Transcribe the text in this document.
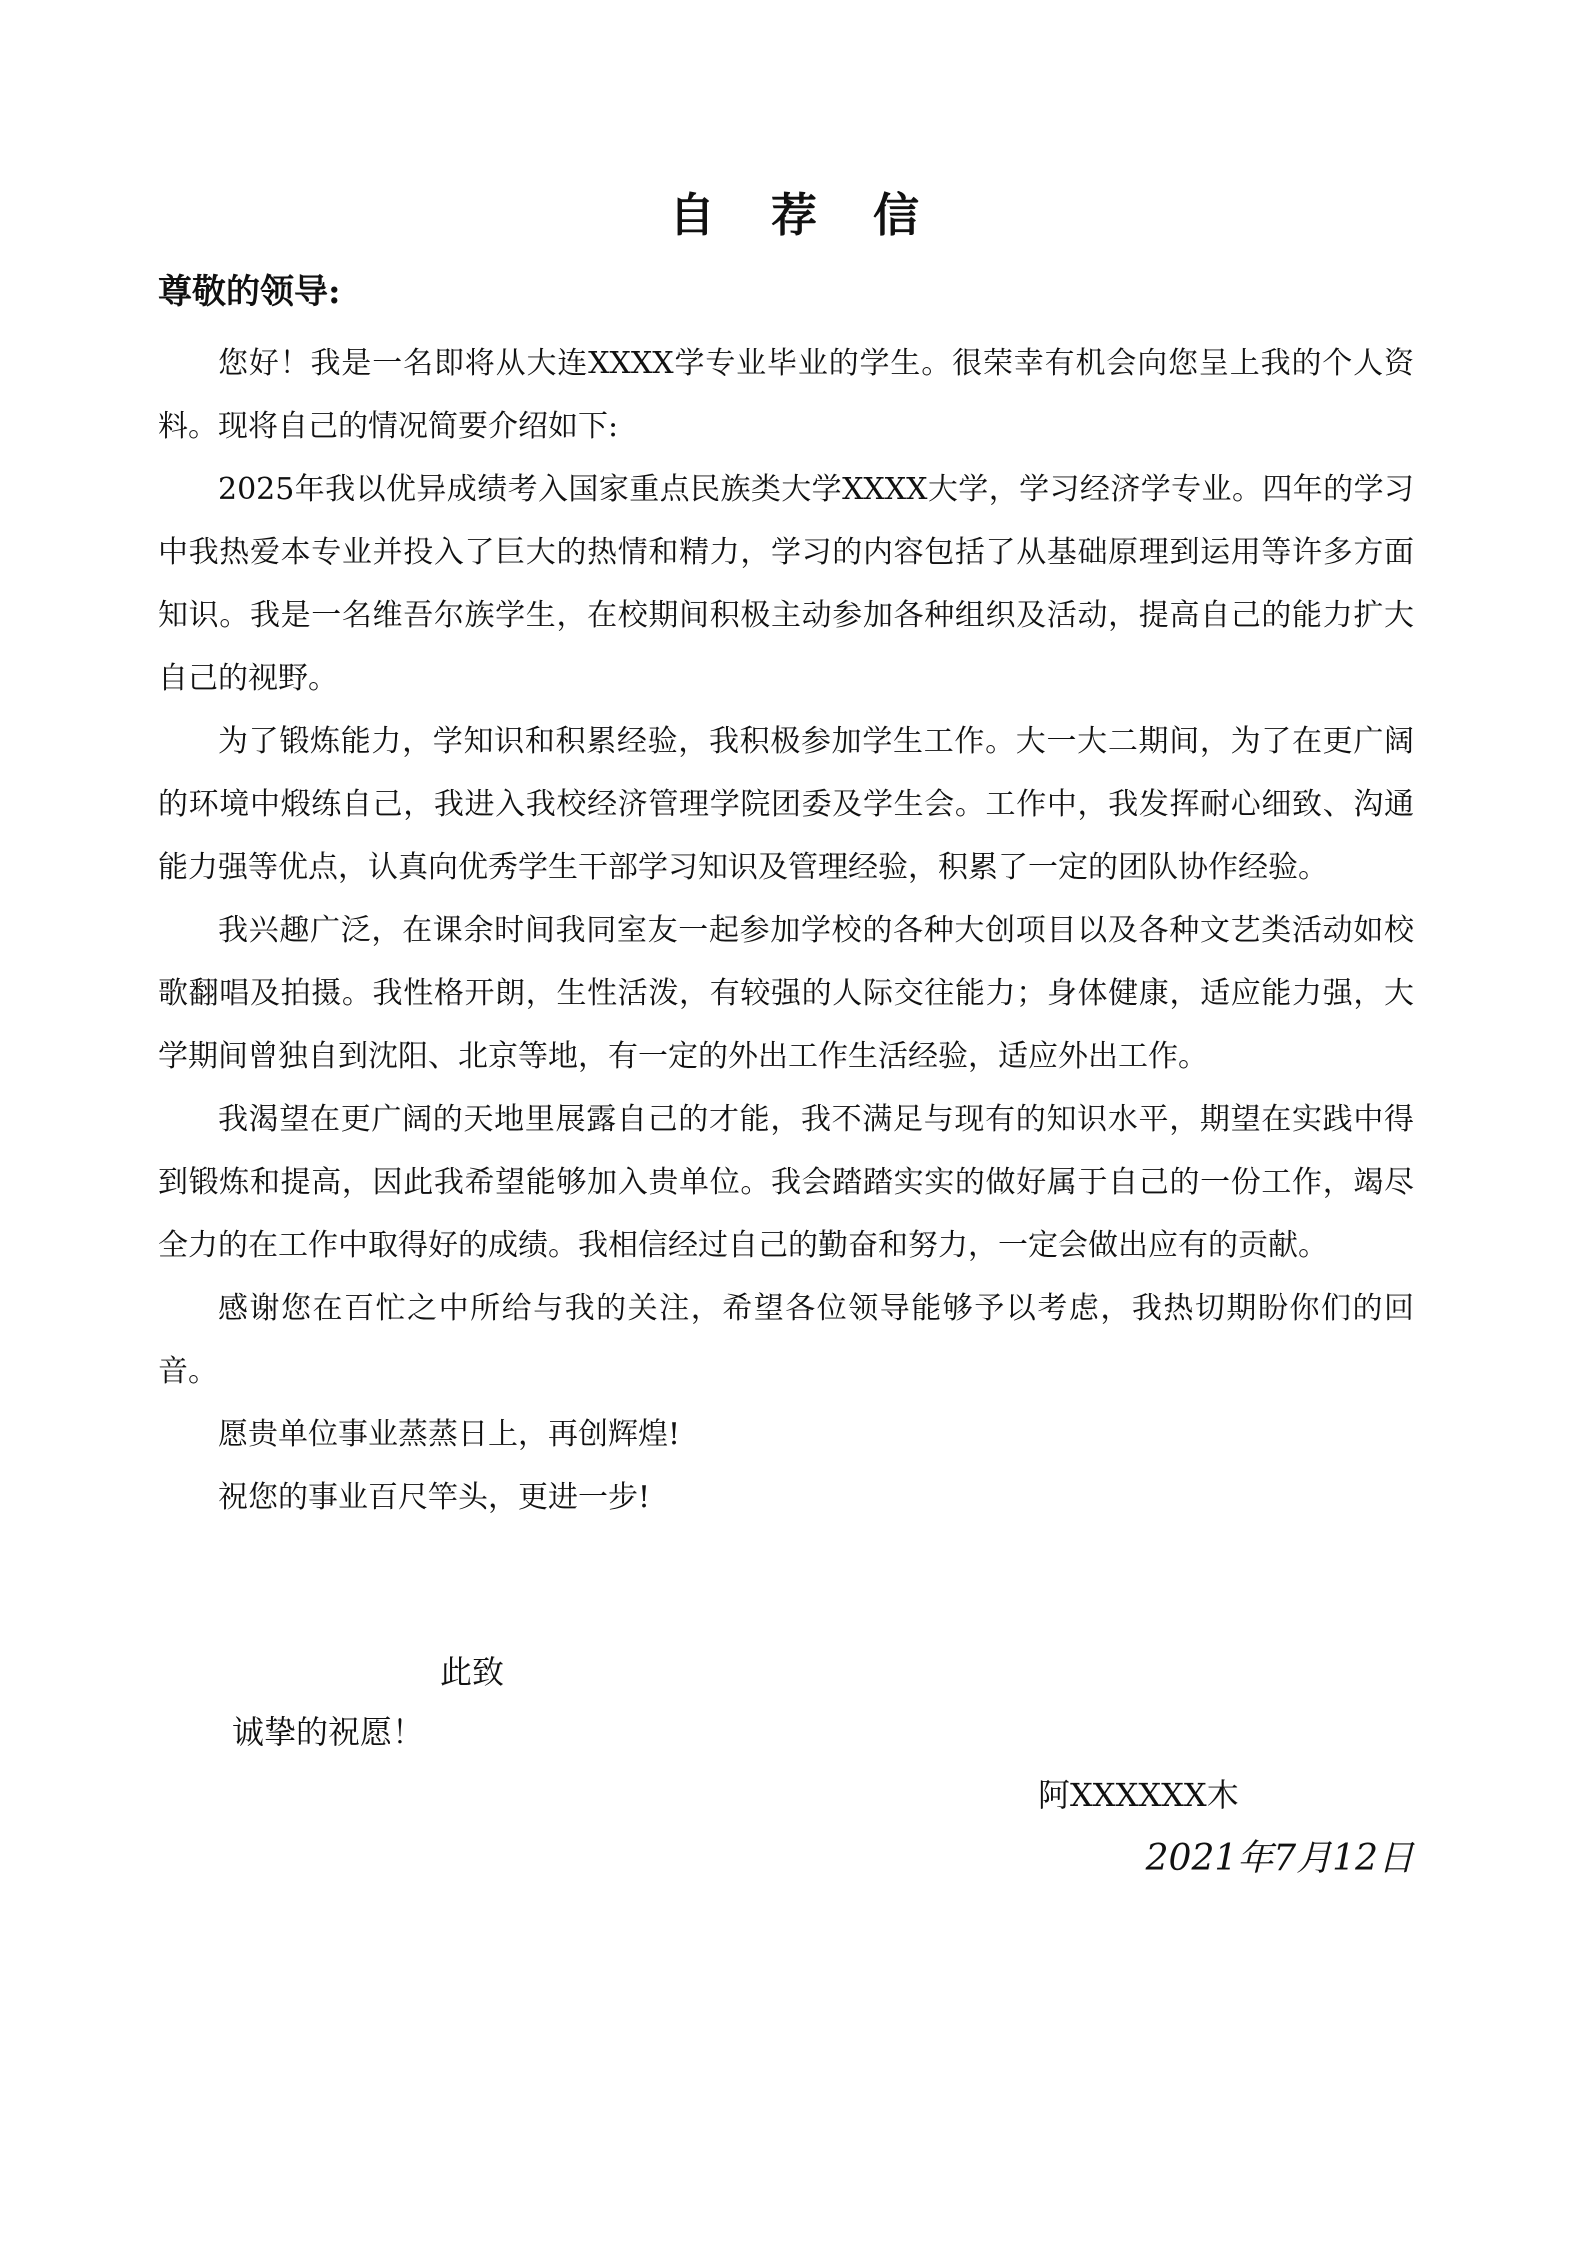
自荐信
尊敬的领导:

您好！我是一名即将从大连XXXX学专业毕业的学生。很荣幸有机会向您呈上我的个人资料。现将自己的情况简要介绍如下:

2025年我以优异成绩考入国家重点民族类大学XXXX大学，学习经济学专业。四年的学习中我热爱本专业并投入了巨大的热情和精力，学习的内容包括了从基础原理到运用等许多方面知识。我是一名维吾尔族学生，在校期间积极主动参加各种组织及活动，提高自己的能力扩大自己的视野。

为了锻炼能力，学知识和积累经验，我积极参加学生工作。大一大二期间，为了在更广阔的环境中煅练自己，我进入我校经济管理学院团委及学生会。工作中，我发挥耐心细致、沟通能力强等优点，认真向优秀学生干部学习知识及管理经验，积累了一定的团队协作经验。

我兴趣广泛，在课余时间我同室友一起参加学校的各种大创项目以及各种文艺类活动如校歌翻唱及拍摄。我性格开朗，生性活泼，有较强的人际交往能力；身体健康，适应能力强，大学期间曾独自到沈阳、北京等地，有一定的外出工作生活经验，适应外出工作。

我渴望在更广阔的天地里展露自己的才能，我不满足与现有的知识水平，期望在实践中得到锻炼和提高，因此我希望能够加入贵单位。我会踏踏实实的做好属于自己的一份工作，竭尽全力的在工作中取得好的成绩。我相信经过自己的勤奋和努力，一定会做出应有的贡献。

感谢您在百忙之中所给与我的关注，希望各位领导能够予以考虑，我热切期盼你们的回音。

愿贵单位事业蒸蒸日上，再创辉煌!

祝您的事业百尺竿头，更进一步!

此致
诚挚的祝愿！
阿XXXXXX木
2021年7月12日
